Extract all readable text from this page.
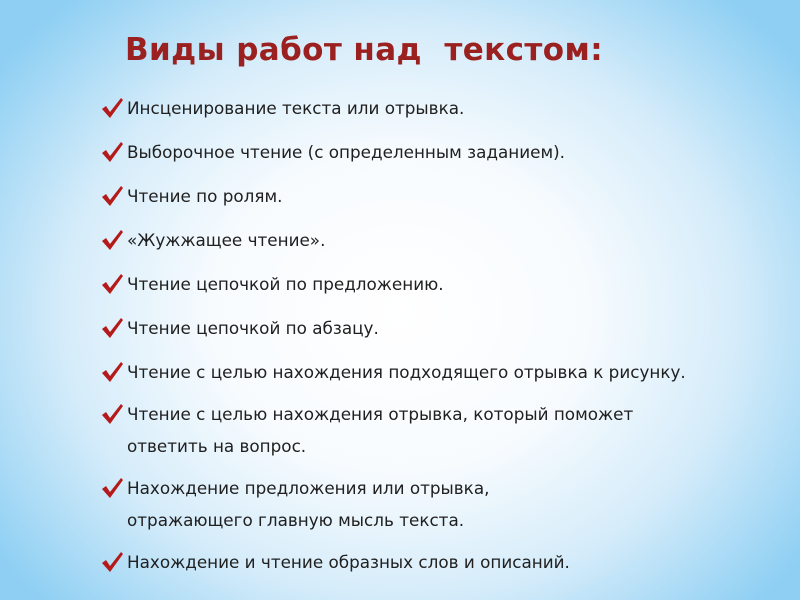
Виды работ над  текстом:
Инсценирование текста или отрывка.
Выборочное чтение (с определенным заданием).
Чтение по ролям.
«Жужжащее чтение».
Чтение цепочкой по предложению.
Чтение цепочкой по абзацу.
Чтение с целью нахождения подходящего отрывка к рисунку.
Чтение с целью нахождения отрывка, который поможет ответить на вопрос.
Нахождение предложения или отрывка, отражающего главную мысль текста.
Нахождение и чтение образных слов и описаний.
